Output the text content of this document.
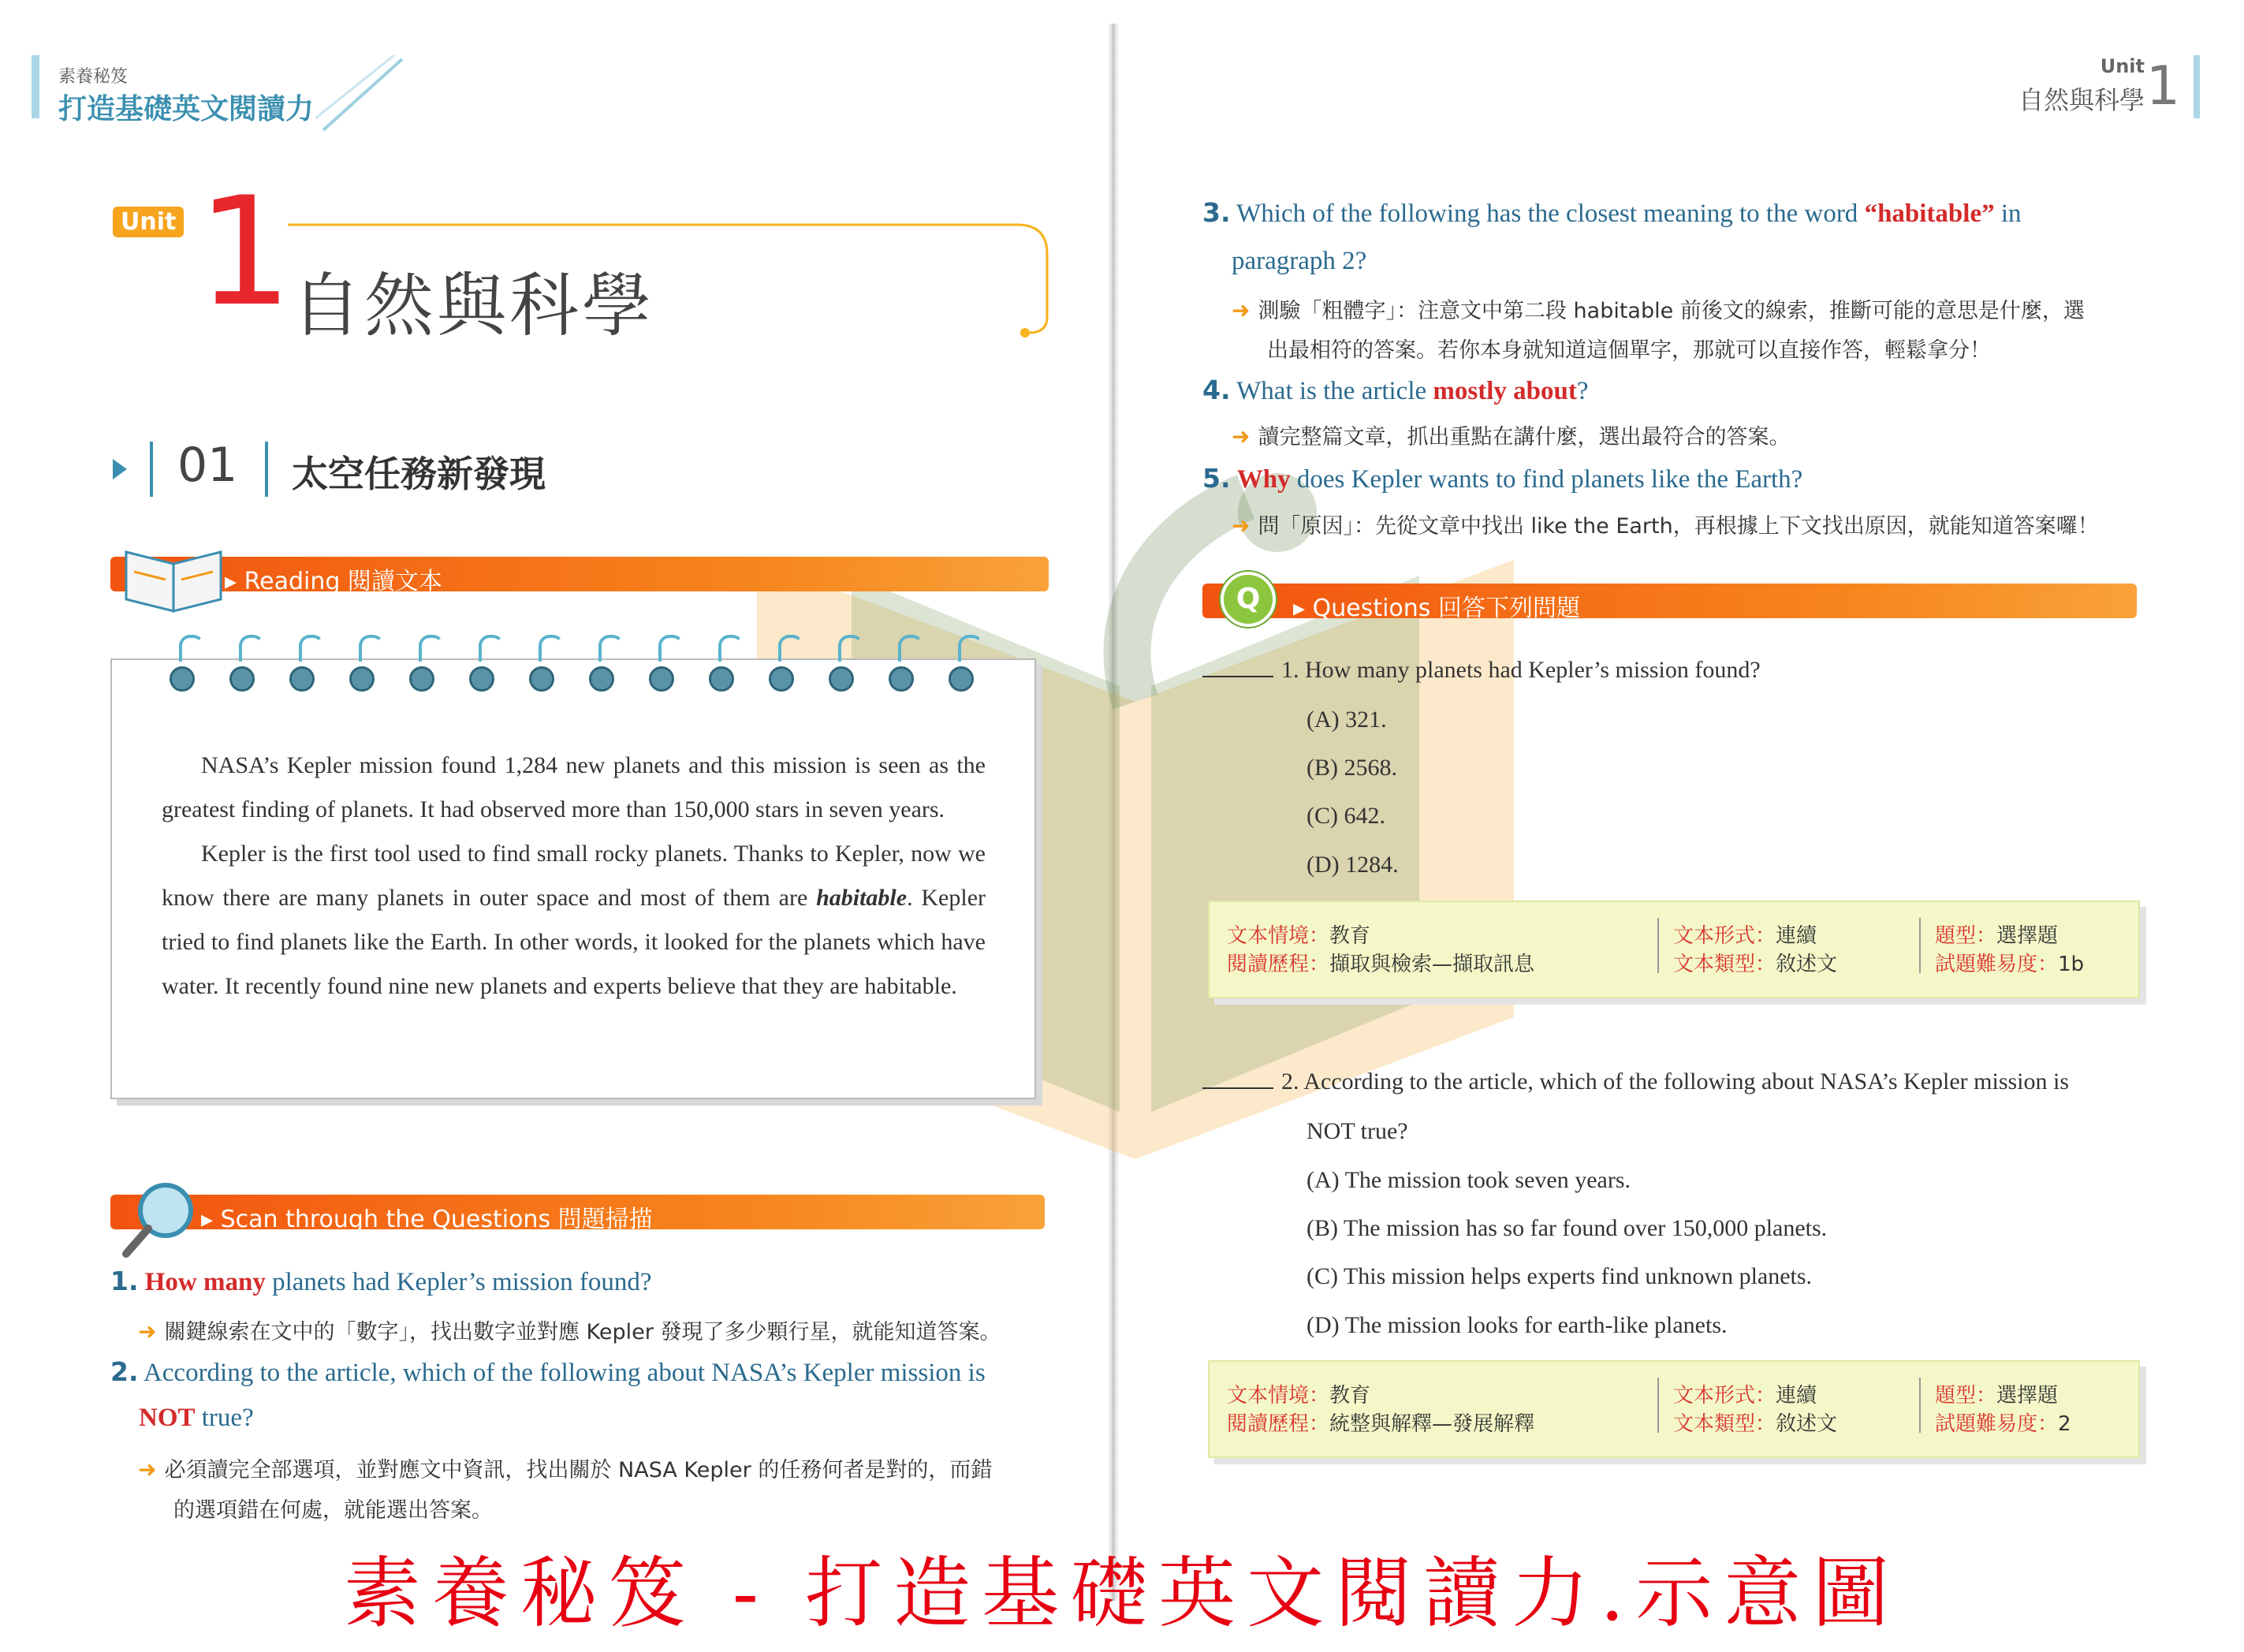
素養秘笈
打造基礎英文閱讀力
Unit
自然與科學 1
Unit 1 自然與科學
01 太空任務新發現
▸ Reading 閱讀文本

NASA’s Kepler mission found 1,284 new planets and this mission is seen as the greatest finding of planets. It had observed more than 150,000 stars in seven years.

Kepler is the first tool used to find small rocky planets. Thanks to Kepler, now we know there are many planets in outer space and most of them are habitable. Kepler tried to find planets like the Earth. In other words, it looked for the planets which have water. It recently found nine new planets and experts believe that they are habitable.

▸ Scan through the Questions 問題掃描
1. How many planets had Kepler’s mission found?
➜ 關鍵線索在文中的「數字」，找出數字並對應 Kepler 發現了多少顆行星，就能知道答案。
2. According to the article, which of the following about NASA’s Kepler mission is
NOT true?
➜ 必須讀完全部選項，並對應文中資訊，找出關於 NASA Kepler 的任務何者是對的，而錯
的選項錯在何處，就能選出答案。
3. Which of the following has the closest meaning to the word “habitable” in
paragraph 2?
➜ 測驗「粗體字」：注意文中第二段 habitable 前後文的線索，推斷可能的意思是什麼，選
出最相符的答案。若你本身就知道這個單字，那就可以直接作答，輕鬆拿分！
4. What is the article mostly about?
➜ 讀完整篇文章，抓出重點在講什麼，選出最符合的答案。
5. Why does Kepler wants to find planets like the Earth?
➜ 問「原因」：先從文章中找出 like the Earth，再根據上下文找出原因，就能知道答案囉！
▸ Questions 回答下列問題
Q
1. How many planets had Kepler’s mission found?
(A) 321.
(B) 2568.
(C) 642.
(D) 1284.
文本情境：教育
閱讀歷程：擷取與檢索—擷取訊息
文本形式：連續
文本類型：敘述文
題型：選擇題
試題難易度：1b
2. According to the article, which of the following about NASA’s Kepler mission is
NOT true?
(A) The mission took seven years.
(B) The mission has so far found over 150,000 planets.
(C) This mission helps experts find unknown planets.
(D) The mission looks for earth-like planets.
文本情境：教育
閱讀歷程：統整與解釋—發展解釋
文本形式：連續
文本類型：敘述文
題型：選擇題
試題難易度：2
素養秘笈 - 打造基礎英文閱讀力.示意圖
